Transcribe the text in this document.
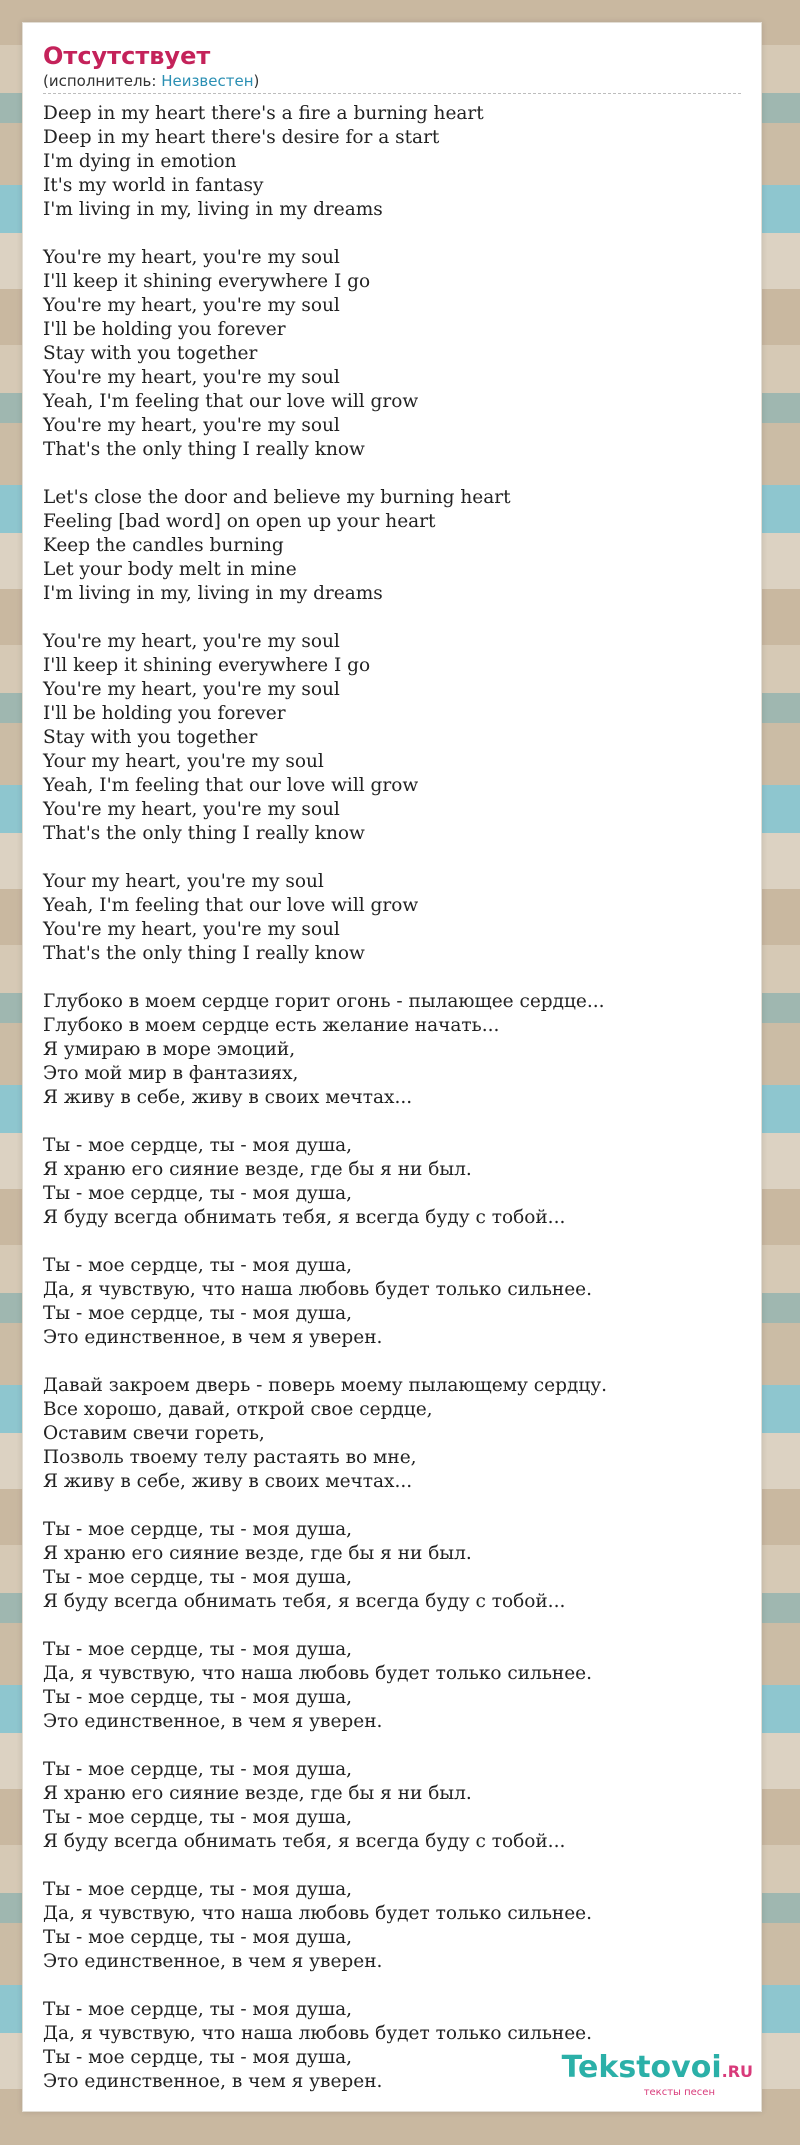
Отсутствует
(исполнитель: Неизвестен)
Deep in my heart there's a fire a burning heart
Deep in my heart there's desire for a start
I'm dying in emotion
It's my world in fantasy
I'm living in my, living in my dreams
You're my heart, you're my soul
I'll keep it shining everywhere I go
You're my heart, you're my soul
I'll be holding you forever
Stay with you together
You're my heart, you're my soul
Yeah, I'm feeling that our love will grow
You're my heart, you're my soul
That's the only thing I really know
Let's close the door and believe my burning heart
Feeling [bad word] on open up your heart
Keep the candles burning
Let your body melt in mine
I'm living in my, living in my dreams
You're my heart, you're my soul
I'll keep it shining everywhere I go
You're my heart, you're my soul
I'll be holding you forever
Stay with you together
Your my heart, you're my soul
Yeah, I'm feeling that our love will grow
You're my heart, you're my soul
That's the only thing I really know
Your my heart, you're my soul
Yeah, I'm feeling that our love will grow
You're my heart, you're my soul
That's the only thing I really know
Глубоко в моем сердце горит огонь - пылающее сердце...
Глубоко в моем сердце есть желание начать...
Я умираю в море эмоций,
Это мой мир в фантазиях,
Я живу в себе, живу в своих мечтах...
Ты - мое сердце, ты - моя душа,
Я храню его сияние везде, где бы я ни был.
Ты - мое сердце, ты - моя душа,
Я буду всегда обнимать тебя, я всегда буду с тобой...
Ты - мое сердце, ты - моя душа,
Да, я чувствую, что наша любовь будет только сильнее.
Ты - мое сердце, ты - моя душа,
Это единственное, в чем я уверен.
Давай закроем дверь - поверь моему пылающему сердцу.
Все хорошо, давай, открой свое сердце,
Оставим свечи гореть,
Позволь твоему телу растаять во мне,
Я живу в себе, живу в своих мечтах...
Ты - мое сердце, ты - моя душа,
Я храню его сияние везде, где бы я ни был.
Ты - мое сердце, ты - моя душа,
Я буду всегда обнимать тебя, я всегда буду с тобой...
Ты - мое сердце, ты - моя душа,
Да, я чувствую, что наша любовь будет только сильнее.
Ты - мое сердце, ты - моя душа,
Это единственное, в чем я уверен.
Ты - мое сердце, ты - моя душа,
Я храню его сияние везде, где бы я ни был.
Ты - мое сердце, ты - моя душа,
Я буду всегда обнимать тебя, я всегда буду с тобой...
Ты - мое сердце, ты - моя душа,
Да, я чувствую, что наша любовь будет только сильнее.
Ты - мое сердце, ты - моя душа,
Это единственное, в чем я уверен.
Ты - мое сердце, ты - моя душа,
Да, я чувствую, что наша любовь будет только сильнее.
Ты - мое сердце, ты - моя душа,
Это единственное, в чем я уверен.	Tekstovoi.RU
тексты песен
